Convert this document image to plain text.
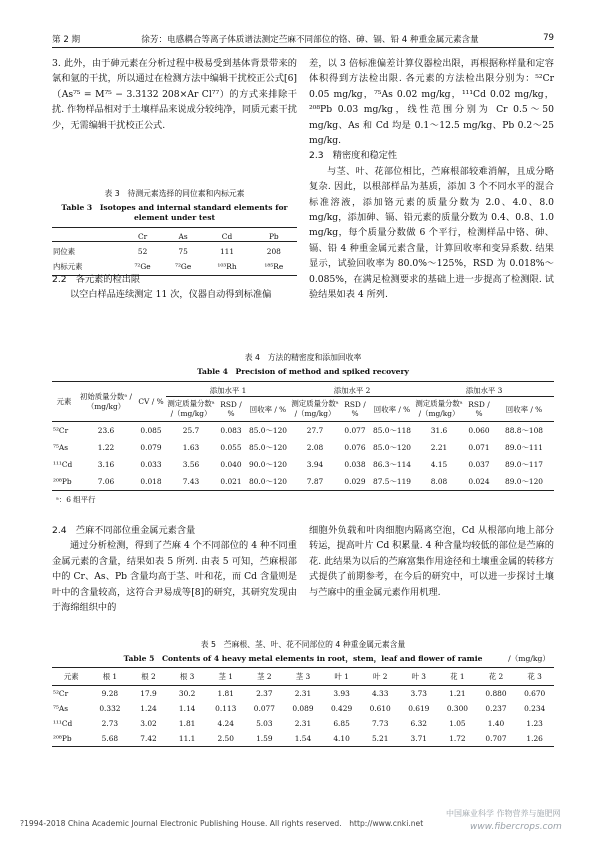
第 2 期	徐芳：电感耦合等离子体质谱法测定苎麻不同部位的铬、砷、镉、铅 4 种重金属元素含量	79

3. 此外，由于砷元素在分析过程中极易受到基体背景带来的氯和氩的干扰，所以通过在检测方法中编辑干扰校正公式[6]（As⁷⁵ = M⁷⁵ − 3.3132 208×Ar Cl⁷⁷）的方式来排除干扰. 作物样品相对于土壤样品来说成分较纯净，同质元素干扰少，无需编辑干扰校正公式.

表 3　待测元素选择的同位素和内标元素
Table 3　Isotopes and internal standard elements for element under test
	Cr	As	Cd	Pb
同位素	52	75	111	208
内标元素	⁷²Ge	⁷²Ge	¹⁰³Rh	¹⁸⁵Re
2.2　各元素的检出限

以空白样品连续测定 11 次，仪器自动得到标准偏

差，以 3 倍标准偏差计算仪器检出限，再根据称样量和定容体积得到方法检出限. 各元素的方法检出限分别为：⁵²Cr 0.05 mg/kg，⁷⁵As 0.02 mg/kg，¹¹¹Cd 0.02 mg/kg，²⁰⁸Pb 0.03 mg/kg，线性范围分别为 Cr 0.5～50 mg/kg、As 和 Cd 均是 0.1～12.5 mg/kg、Pb 0.2～25 mg/kg.

2.3　精密度和稳定性

与茎、叶、花部位相比，苎麻根部较难消解，且成分略复杂. 因此，以根部样品为基质，添加 3 个不同水平的混合标准溶液，添加铬元素的质量分数为 2.0、4.0、8.0 mg/kg，添加砷、镉、铅元素的质量分数为 0.4、0.8、1.0 mg/kg，每个质量分数做 6 个平行，检测样品中铬、砷、镉、铅 4 种重金属元素含量，计算回收率和变异系数. 结果显示，试验回收率为 80.0%～125%，RSD 为 0.018%～0.085%，在满足检测要求的基础上进一步提高了检测限. 试验结果如表 4 所列.

表 4　方法的精密度和添加回收率
Table 4　Precision of method and spiked recovery
元素	初始质量分数ᵃ /（mg/kg）	CV / %	添加水平 1			添加水平 2			添加水平 3		
			测定质量分数ᵃ /（mg/kg）	RSD / %	回收率 / %	测定质量分数ᵃ /（mg/kg）	RSD / %	回收率 / %	测定质量分数ᵃ /（mg/kg）	RSD / %	回收率 / %
⁵²Cr	23.6	0.085	25.7	0.083	85.0～120	27.7	0.077	85.0～118	31.6	0.060	88.8～108
⁷⁵As	1.22	0.079	1.63	0.055	85.0～120	2.08	0.076	85.0～120	2.21	0.071	89.0～111
¹¹¹Cd	3.16	0.033	3.56	0.040	90.0～120	3.94	0.038	86.3～114	4.15	0.037	89.0～117
²⁰⁸Pb	7.06	0.018	7.43	0.021	80.0～120	7.87	0.029	87.5～119	8.08	0.024	89.0～120
ᵃ：6 组平行
2.4　苎麻不同部位重金属元素含量

通过分析检测，得到了苎麻 4 个不同部位的 4 种不同重金属元素的含量，结果如表 5 所列. 由表 5 可知，苎麻根部中的 Cr、As、Pb 含量均高于茎、叶和花，而 Cd 含量则是叶中的含量较高，这符合尹易成等[8]的研究，其研究发现由于海绵组织中的

细胞外负载和叶肉细胞内隔离空泡，Cd 从根部向地上部分转运，提高叶片 Cd 积累量. 4 种含量均较低的部位是苎麻的花. 此结果为以后的苎麻富集作用途径和土壤重金属的转移方式提供了前期参考，在今后的研究中，可以进一步探讨土壤与苎麻中的重金属元素作用机理.

表 5　苎麻根、茎、叶、花不同部位的 4 种重金属元素含量
Table 5　Contents of 4 heavy metal elements in root，stem，leaf and flower of ramie	/（mg/kg）
元素	根 1	根 2	根 3	茎 1	茎 2	茎 3	叶 1	叶 2	叶 3	花 1	花 2	花 3
⁵²Cr	9.28	17.9	30.2	1.81	2.37	2.31	3.93	4.33	3.73	1.21	0.880	0.670
⁷⁵As	0.332	1.24	1.14	0.113	0.077	0.089	0.429	0.610	0.619	0.300	0.237	0.234
¹¹¹Cd	2.73	3.02	1.81	4.24	5.03	2.31	6.85	7.73	6.32	1.05	1.40	1.23
²⁰⁸Pb	5.68	7.42	11.1	2.50	1.59	1.54	4.10	5.21	3.71	1.72	0.707	1.26
?1994-2018 China Academic Journal Electronic Publishing House. All rights reserved.　http://www.cnki.net
中国麻业科学 作物营养与施肥网
www.fibercrops.com
